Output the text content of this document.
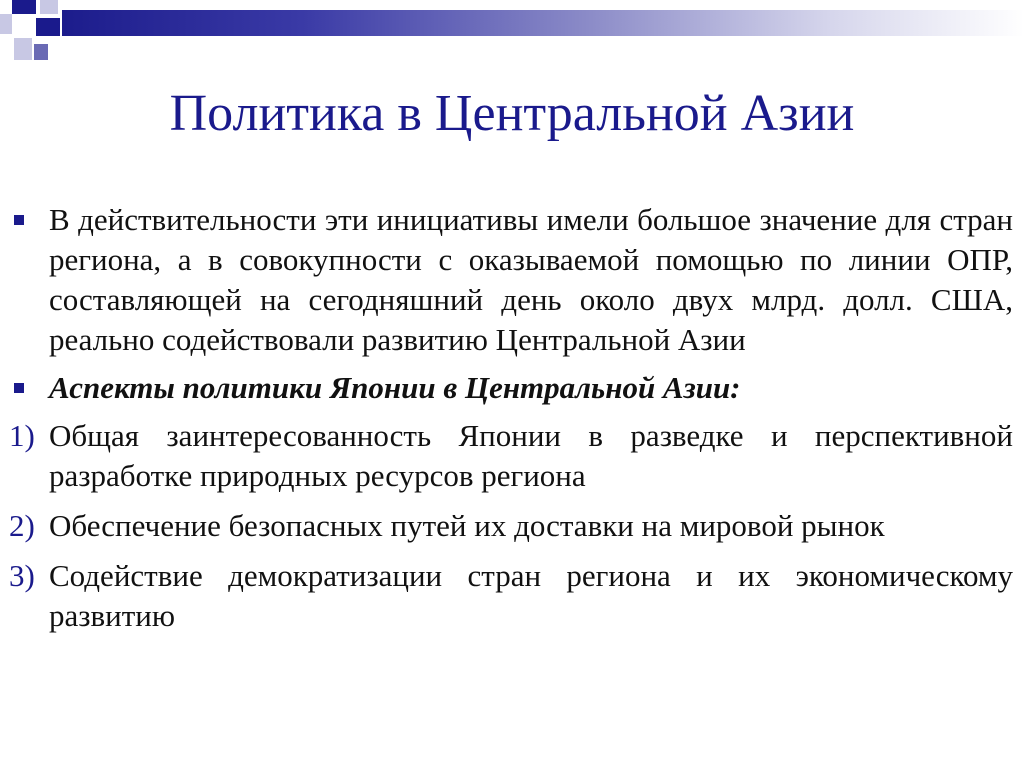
Политика в Центральной Азии
В действительности эти инициативы имели большое значение для стран региона, а в совокупности с оказываемой помощью по линии ОПР, составляющей на сегодняшний день около двух млрд. долл. США, реально содействовали развитию Центральной Азии
Аспекты политики Японии в Центральной Азии:
1) Общая заинтересованность Японии в разведке и перспективной разработке природных ресурсов региона
2) Обеспечение безопасных путей их доставки на мировой рынок
3) Содействие демократизации стран региона и их экономическому развитию
